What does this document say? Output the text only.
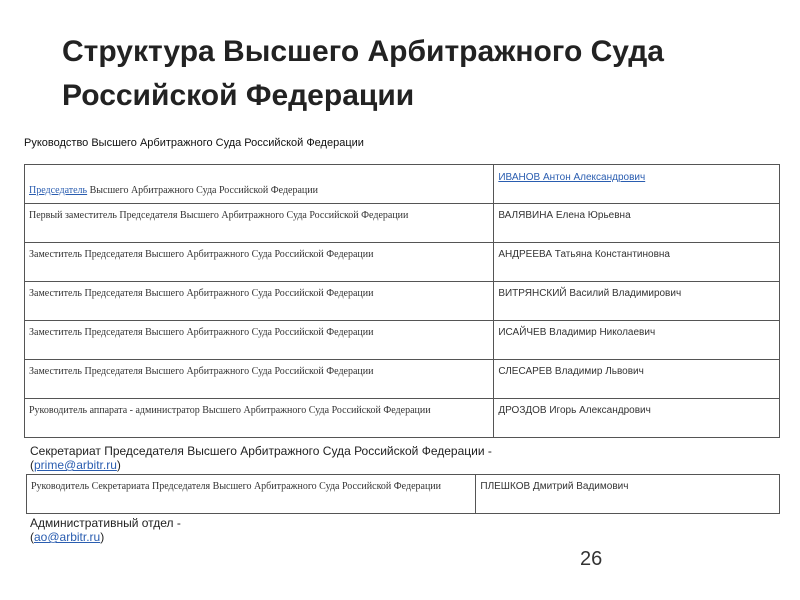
Структура Высшего Арбитражного Суда Российской Федерации
Руководство Высшего Арбитражного Суда Российской Федерации
Председатель Высшего Арбитражного Суда Российской Федерации	ИВАНОВ Антон Александрович
Первый заместитель Председателя Высшего Арбитражного Суда Российской Федерации	ВАЛЯВИНА Елена Юрьевна
Заместитель Председателя Высшего Арбитражного Суда Российской Федерации	АНДРЕЕВА Татьяна Константиновна
Заместитель Председателя Высшего Арбитражного Суда Российской Федерации	ВИТРЯНСКИЙ Василий Владимирович
Заместитель Председателя Высшего Арбитражного Суда Российской Федерации	ИСАЙЧЕВ Владимир Николаевич
Заместитель Председателя Высшего Арбитражного Суда Российской Федерации	СЛЕСАРЕВ Владимир Львович
Руководитель аппарата - администратор Высшего Арбитражного Суда Российской Федерации	ДРОЗДОВ Игорь Александрович
Секретариат Председателя Высшего Арбитражного Суда Российской Федерации -
(prime@arbitr.ru)
Руководитель Секретариата Председателя Высшего Арбитражного Суда Российской Федерации	ПЛЕШКОВ Дмитрий Вадимович
Административный отдел -
(ao@arbitr.ru)
26
